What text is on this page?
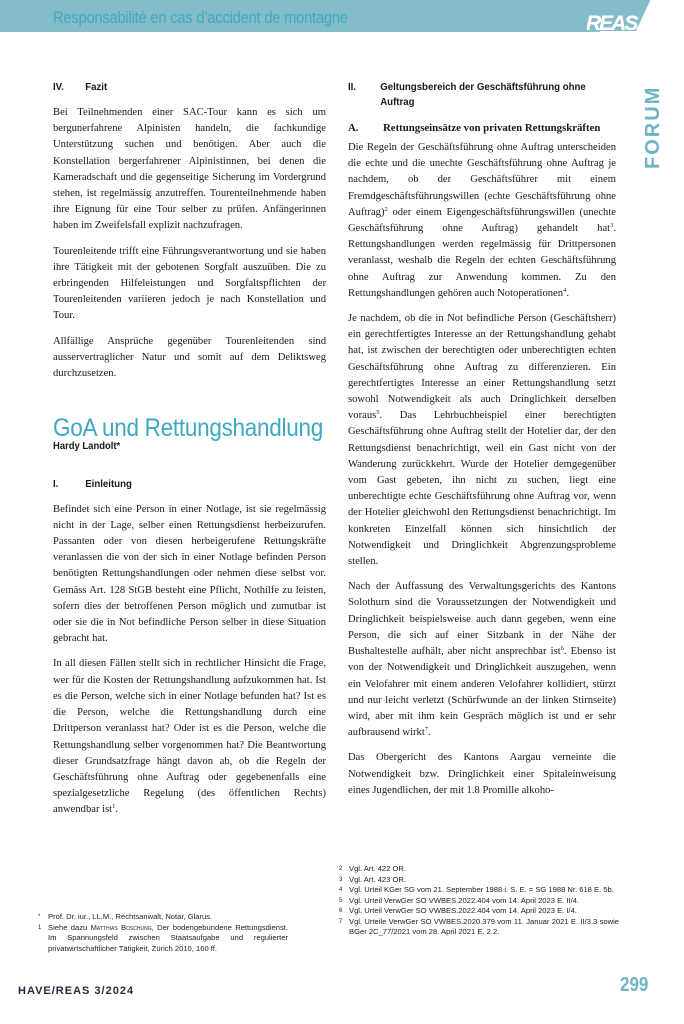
Responsabilité en cas d’accident de montagne	REAS
FORUM
IV.	Fazit

Bei Teilnehmenden einer SAC-Tour kann es sich um bergunerfahrene Alpinisten handeln, die fachkundige Unterstützung suchen und benötigen. Aber auch die Konstellation bergerfahrener Alpinistinnen, bei denen die Kameradschaft und die gegenseitige Sicherung im Vordergrund stehen, ist regelmässig anzutreffen. Tourenteilnehmende haben ihre Eignung für eine Tour selber zu prüfen. Anfängerinnen haben im Zweifelsfall explizit nachzufragen.

Tourenleitende trifft eine Führungsverantwortung und sie haben ihre Tätigkeit mit der gebotenen Sorgfalt auszuüben. Die zu erbringenden Hilfeleistungen und Sorgfaltspflichten der Tourenleitenden variieren jedoch je nach Konstellation und Tour.

Allfällige Ansprüche gegenüber Tourenleitenden sind ausservertraglicher Natur und somit auf dem Deliktsweg durchzusetzen.

GoA und Rettungshandlung
Hardy Landolt*
I.	Einleitung

Befindet sich eine Person in einer Notlage, ist sie regelmässig nicht in der Lage, selber einen Rettungsdienst herbeizurufen. Passanten oder von diesen herbeigerufene Rettungskräfte veranlassen die von der sich in einer Notlage befinden Person benötigten Rettungshandlungen oder nehmen diese selbst vor. Gemäss Art. 128 StGB besteht eine Pflicht, Nothilfe zu leisten, sofern dies der betroffenen Person möglich und zumutbar ist oder sie die in Not befindliche Person selber in diese Situation gebracht hat.

In all diesen Fällen stellt sich in rechtlicher Hinsicht die Frage, wer für die Kosten der Rettungshandlung aufzukommen hat. Ist es die Person, welche sich in einer Notlage befunden hat? Ist es die Person, welche die Rettungshandlung durch eine Drittperson veranlasst hat? Oder ist es die Person, welche die Rettungshandlung selber vorgenommen hat? Die Beantwortung dieser Grundsatzfrage hängt davon ab, ob die Regeln der Geschäftsführung ohne Auftrag oder gegebenenfalls eine spezialgesetzliche Regelung (des öffentlichen Rechts) anwendbar ist$^1$.

II.	Geltungsbereich der Geschäftsführung ohne Auftrag
A.	Rettungseinsätze von privaten Rettungskräften

Die Regeln der Geschäftsführung ohne Auftrag unterscheiden die echte und die unechte Geschäftsführung ohne Auftrag je nachdem, ob der Geschäftsführer mit einem Fremdgeschäftsführungswillen (echte Geschäftsführung ohne Auftrag)$^2$ oder einem Eigengeschäftsführungswillen (unechte Geschäftsführung ohne Auftrag) gehandelt hat$^3$. Rettungshandlungen werden regelmässig für Drittpersonen veranlasst, weshalb die Regeln der echten Geschäftsführung ohne Auftrag zur Anwendung kommen. Zu den Rettungshandlungen gehören auch Notoperationen$^4$.

Je nachdem, ob die in Not befindliche Person (Geschäftsherr) ein gerechtfertigtes Interesse an der Rettungshandlung gehabt hat, ist zwischen der berechtigten oder unberechtigten echten Geschäftsführung ohne Auftrag zu differenzieren. Ein gerechtfertigtes Interesse an einer Rettungshandlung setzt sowohl Notwendigkeit als auch Dringlichkeit derselben voraus$^5$. Das Lehrbuchbeispiel einer berechtigten Geschäftsführung ohne Auftrag stellt der Hotelier dar, der den Rettungsdienst benachrichtigt, weil ein Gast nicht von der Wanderung zurückkehrt. Wurde der Hotelier demgegenüber vom Gast gebeten, ihn nicht zu suchen, liegt eine unberechtigte echte Geschäftsführung ohne Auftrag vor, wenn der Hotelier gleichwohl den Rettungsdienst benachrichtigt. Im konkreten Einzelfall können sich hinsichtlich der Notwendigkeit und Dringlichkeit Abgrenzungsprobleme stellen.

Nach der Auffassung des Verwaltungsgerichts des Kantons Solothurn sind die Voraussetzungen der Notwendigkeit und Dringlichkeit beispielsweise auch dann gegeben, wenn eine Person, die sich auf einer Sitzbank in der Nähe der Bushaltestelle aufhält, aber nicht ansprechbar ist$^6$. Ebenso ist von der Notwendigkeit und Dringlichkeit auszugehen, wenn ein Velofahrer mit einem anderen Velofahrer kollidiert, stürzt und nur leicht verletzt (Schürfwunde an der linken Stirnseite) wird, aber mit ihm kein Gespräch möglich ist und er sehr aufbrausend wirkt$^7$.

Das Obergericht des Kantons Aargau verneinte die Notwendigkeit bzw. Dringlichkeit einer Spitaleinweisung eines Jugendlichen, der mit 1.8 Promille alkoho-

*	Prof. Dr. iur., LL.M., Rechtsanwalt, Notar, Glarus.
1 Siehe dazu Matthias Boschung, Der bodengebundene Rettungsdienst. Im Spannungsfeld zwischen Staatsaufgabe und regulierter privatwirtschaftlicher Tätigkeit, Zürich 2010, 160 ff.
2 Vgl. Art. 422 OR.
3 Vgl. Art. 423 OR.
4 Vgl. Urteil KGer SG vom 21. September 1988 i. S. E. = SG 1988 Nr. 618 E. 5b.
5 Vgl. Urteil VerwGer SO VWBES.2022.404 vom 14. April 2023 E. II/4.
6 Vgl. Urteil VerwGer SO VWBES.2022.404 vom 14. April 2023 E. I/4.
7 Vgl. Urteile VerwGer SO VWBES.2020.379 vom 11. Januar 2021 E. II/3.3 sowie BGer 2C_77/2021 vom 28. April 2021 E. 2.2.
HAVE/REAS 3/2024	299
